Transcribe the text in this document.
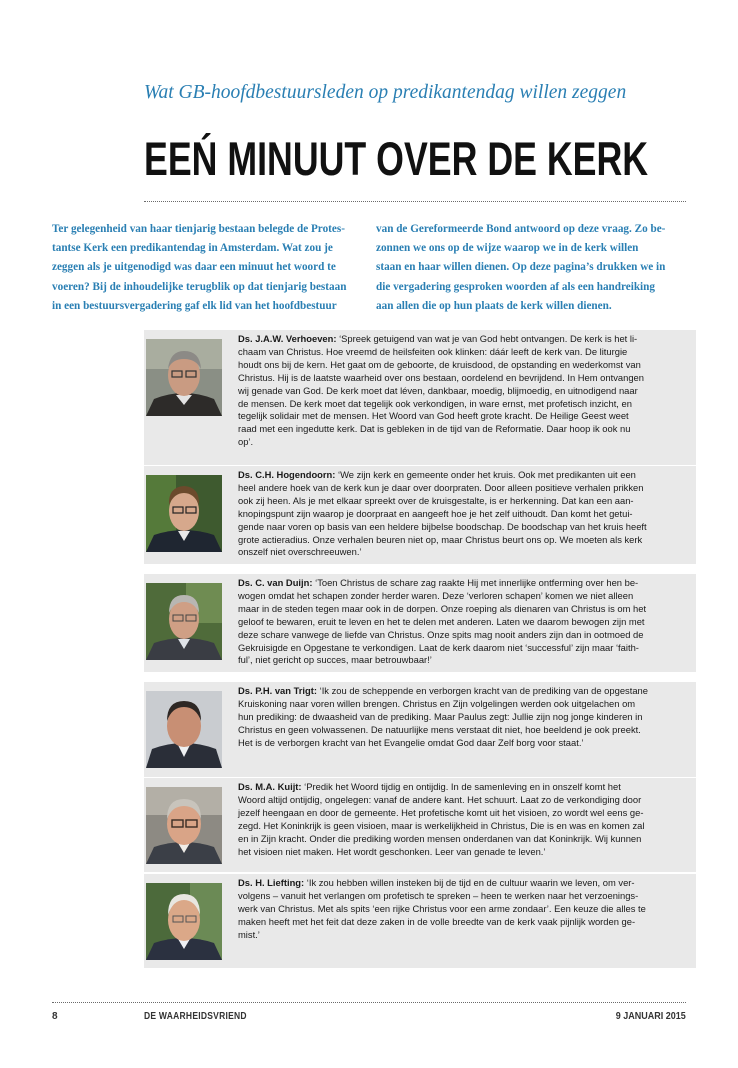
Wat GB-hoofdbestuursleden op predikantendag willen zeggen
EEŃ MINUUT OVER DE KERK
Ter gelegenheid van haar tienjarig bestaan belegde de Protes-
tantse Kerk een predikantendag in Amsterdam. Wat zou je
zeggen als je uitgenodigd was daar een minuut het woord te
voeren? Bij de inhoudelijke terugblik op dat tienjarig bestaan
in een bestuursvergadering gaf elk lid van het hoofdbestuur
van de Gereformeerde Bond antwoord op deze vraag. Zo be-
zonnen we ons op de wijze waarop we in de kerk willen
staan en haar willen dienen. Op deze pagina’s drukken we in
die vergadering gesproken woorden af als een handreiking
aan allen die op hun plaats de kerk willen dienen.
Ds. J.A.W. Verhoeven: ‘Spreek getuigend van wat je van God hebt ontvangen. De kerk is het li-
chaam van Christus. Hoe vreemd de heilsfeiten ook klinken: dáár leeft de kerk van. De liturgie
houdt ons bij de kern. Het gaat om de geboorte, de kruisdood, de opstanding en wederkomst van
Christus. Hij is de laatste waarheid over ons bestaan, oordelend en bevrijdend. In Hem ontvangen
wij genade van God. De kerk moet dat léven, dankbaar, moedig, blijmoedig, en uitnodigend naar
de mensen. De kerk moet dat tegelijk ook verkondigen, in ware ernst, met profetisch inzicht, en
tegelijk solidair met de mensen. Het Woord van God heeft grote kracht. De Heilige Geest weet
raad met een ingedutte kerk. Dat is gebleken in de tijd van de Reformatie. Daar hoop ik ook nu
op’.
Ds. C.H. Hogendoorn: ‘We zijn kerk en gemeente onder het kruis. Ook met predikanten uit een
heel andere hoek van de kerk kun je daar over doorpraten. Door alleen positieve verhalen prikken
ook zij heen. Als je met elkaar spreekt over de kruisgestalte, is er herkenning. Dat kan een aan-
knopingspunt zijn waarop je doorpraat en aangeeft hoe je het zelf uithoudt. Dan komt het getui-
gende naar voren op basis van een heldere bijbelse boodschap. De boodschap van het kruis heeft
grote actieradius. Onze verhalen beuren niet op, maar Christus beurt ons op. We moeten als kerk
onszelf niet overschreeuwen.’
Ds. C. van Duijn: ‘Toen Christus de schare zag raakte Hij met innerlijke ontferming over hen be-
wogen omdat het schapen zonder herder waren. Deze ‘verloren schapen’ komen we niet alleen
maar in de steden tegen maar ook in de dorpen. Onze roeping als dienaren van Christus is om het
geloof te bewaren, eruit te leven en het te delen met anderen. Laten we daarom bewogen zijn met
deze schare vanwege de liefde van Christus. Onze spits mag nooit anders zijn dan in ootmoed de
Gekruisigde en Opgestane te verkondigen. Laat de kerk daarom niet ‘successful’ zijn maar ‘faith-
ful’, niet gericht op succes, maar betrouwbaar!’
Ds. P.H. van Trigt: ‘Ik zou de scheppende en verborgen kracht van de prediking van de opgestane
Kruiskoning naar voren willen brengen. Christus en Zijn volgelingen werden ook uitgelachen om
hun prediking: de dwaasheid van de prediking. Maar Paulus zegt: Jullie zijn nog jonge kinderen in
Christus en geen volwassenen. De natuurlijke mens verstaat dit niet, hoe beeldend je ook preekt.
Het is de verborgen kracht van het Evangelie omdat God daar Zelf borg voor staat.’
Ds. M.A. Kuijt: ‘Predik het Woord tijdig en ontijdig. In de samenleving en in onszelf komt het
Woord altijd ontijdig, ongelegen: vanaf de andere kant. Het schuurt. Laat zo de verkondiging door
jezelf heengaan en door de gemeente. Het profetische komt uit het visioen, zo wordt wel eens ge-
zegd. Het Koninkrijk is geen visioen, maar is werkelijkheid in Christus, Die is en was en komen zal
en in Zijn kracht. Onder die prediking worden mensen onderdanen van dat Koninkrijk. Wij kunnen
het visioen niet maken. Het wordt geschonken. Leer van genade te leven.’
Ds. H. Liefting: ‘Ik zou hebben willen insteken bij de tijd en de cultuur waarin we leven, om ver-
volgens – vanuit het verlangen om profetisch te spreken – heen te werken naar het verzoenings-
werk van Christus. Met als spits ‘een rijke Christus voor een arme zondaar’. Een keuze die alles te
maken heeft met het feit dat deze zaken in de volle breedte van de kerk vaak pijnlijk worden ge-
mist.’
8	DE WAARHEIDSVRIEND	9 JANUARI 2015
